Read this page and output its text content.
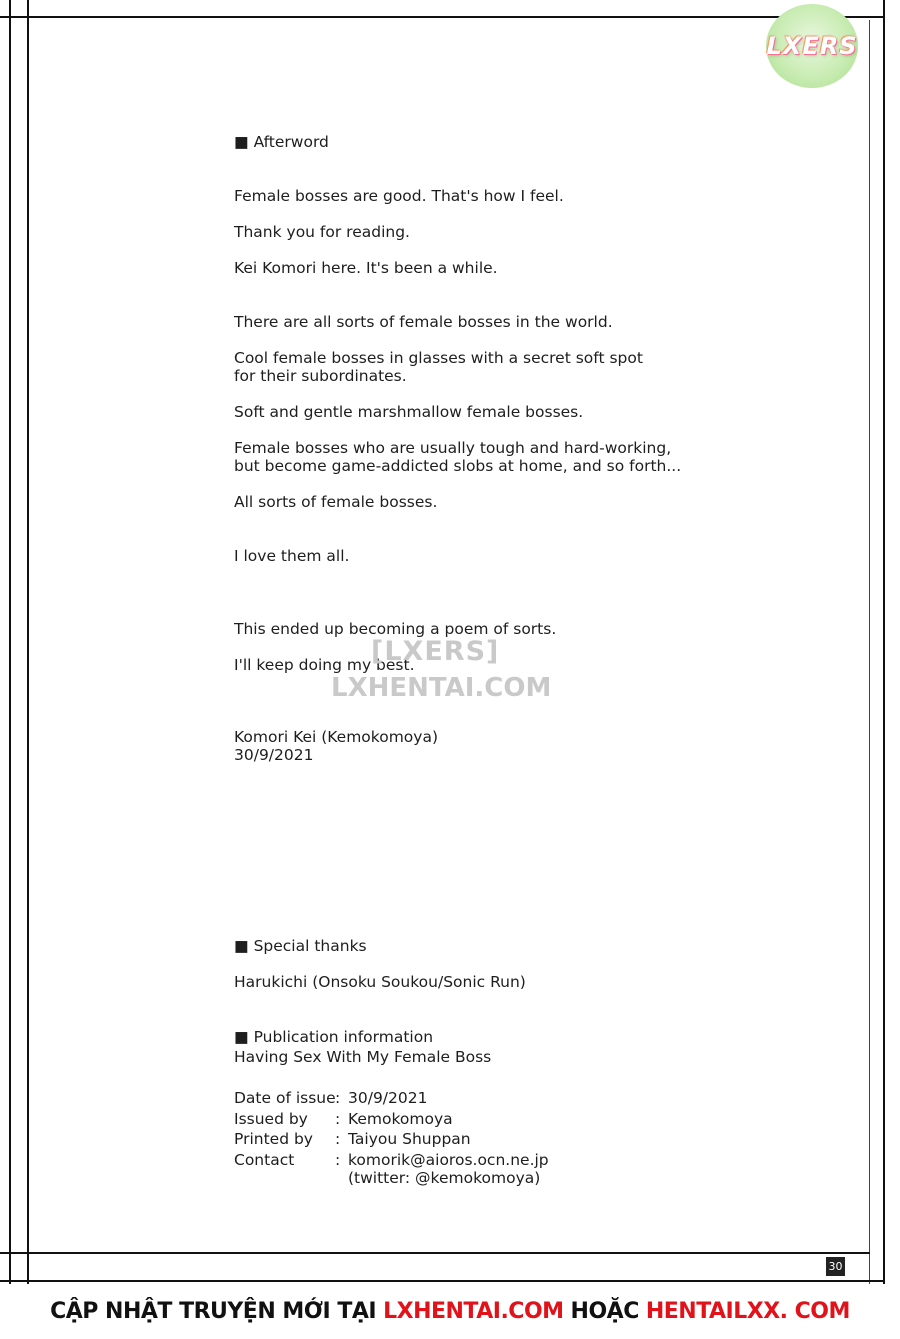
LXERS
■ Afterword
Female bosses are good. That's how I feel.
Thank you for reading.
Kei Komori here. It's been a while.
There are all sorts of female bosses in the world.
Cool female bosses in glasses with a secret soft spot
for their subordinates.
Soft and gentle marshmallow female bosses.
Female bosses who are usually tough and hard-working,
but become game-addicted slobs at home, and so forth...
All sorts of female bosses.
I love them all.
This ended up becoming a poem of sorts.
I'll keep doing my best.
[LXERS]
LXHENTAI.COM
Komori Kei (Kemokomoya)
30/9/2021
■ Special thanks
Harukichi (Onsoku Soukou/Sonic Run)
■ Publication information
Having Sex With My Female Boss
Date of issue : 30/9/2021
Issued by : Kemokomoya
Printed by : Taiyou Shuppan
Contact	: komorik@aioros.ocn.ne.jp
(twitter: @kemokomoya)
30
CẬP NHẬT TRUYỆN MỚI TẠI LXHENTAI.COM HOẶC HENTAILXX. COM
